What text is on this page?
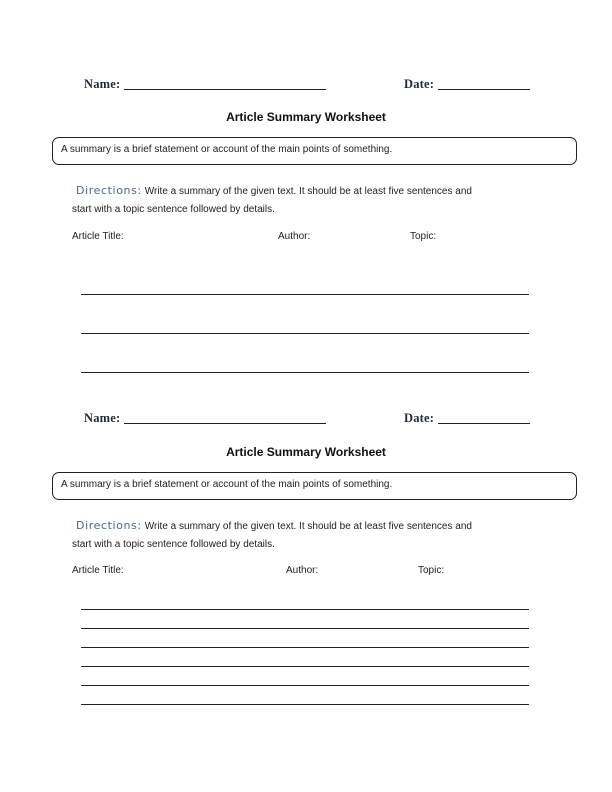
Name:	Date:
Article Summary Worksheet
A summary is a brief statement or account of the main points of something.
Directions: Write a summary of the given text. It should be at least five sentences and
start with a topic sentence followed by details.
Article Title:	Author:	Topic:
Name:	Date:
Article Summary Worksheet
A summary is a brief statement or account of the main points of something.
Directions: Write a summary of the given text. It should be at least five sentences and
start with a topic sentence followed by details.
Article Title:	Author:	Topic:
